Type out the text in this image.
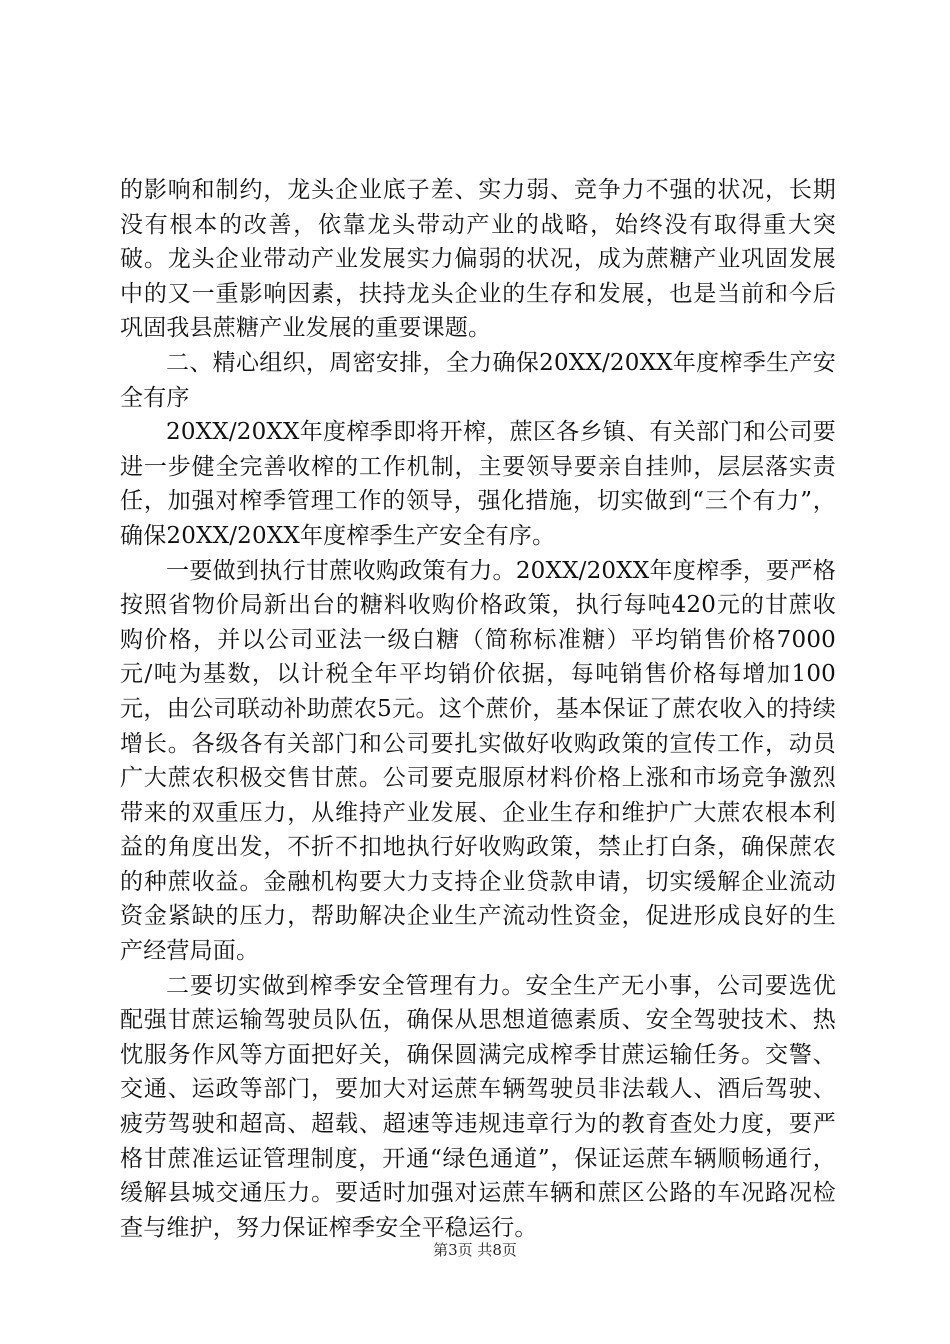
的影响和制约，龙头企业底子差、实力弱、竞争力不强的状况，长期没有根本的改善，依靠龙头带动产业的战略，始终没有取得重大突破。龙头企业带动产业发展实力偏弱的状况，成为蔗糖产业巩固发展中的又一重影响因素，扶持龙头企业的生存和发展，也是当前和今后巩固我县蔗糖产业发展的重要课题。

二、精心组织，周密安排，全力确保20XX/20XX年度榨季生产安全有序

20XX/20XX年度榨季即将开榨，蔗区各乡镇、有关部门和公司要进一步健全完善收榨的工作机制，主要领导要亲自挂帅，层层落实责任，加强对榨季管理工作的领导，强化措施，切实做到“三个有力”，确保20XX/20XX年度榨季生产安全有序。

一要做到执行甘蔗收购政策有力。20XX/20XX年度榨季，要严格按照省物价局新出台的糖料收购价格政策，执行每吨420元的甘蔗收购价格，并以公司亚法一级白糖（简称标准糖）平均销售价格7000元/吨为基数，以计税全年平均销价依据，每吨销售价格每增加100元，由公司联动补助蔗农5元。这个蔗价，基本保证了蔗农收入的持续增长。各级各有关部门和公司要扎实做好收购政策的宣传工作，动员广大蔗农积极交售甘蔗。公司要克服原材料价格上涨和市场竞争激烈带来的双重压力，从维持产业发展、企业生存和维护广大蔗农根本利益的角度出发，不折不扣地执行好收购政策，禁止打白条，确保蔗农的种蔗收益。金融机构要大力支持企业贷款申请，切实缓解企业流动资金紧缺的压力，帮助解决企业生产流动性资金，促进形成良好的生产经营局面。

二要切实做到榨季安全管理有力。安全生产无小事，公司要选优配强甘蔗运输驾驶员队伍，确保从思想道德素质、安全驾驶技术、热忱服务作风等方面把好关，确保圆满完成榨季甘蔗运输任务。交警、交通、运政等部门，要加大对运蔗车辆驾驶员非法载人、酒后驾驶、疲劳驾驶和超高、超载、超速等违规违章行为的教育查处力度，要严格甘蔗准运证管理制度，开通“绿色通道”，保证运蔗车辆顺畅通行，缓解县城交通压力。要适时加强对运蔗车辆和蔗区公路的车况路况检查与维护，努力保证榨季安全平稳运行。

第3页 共8页
